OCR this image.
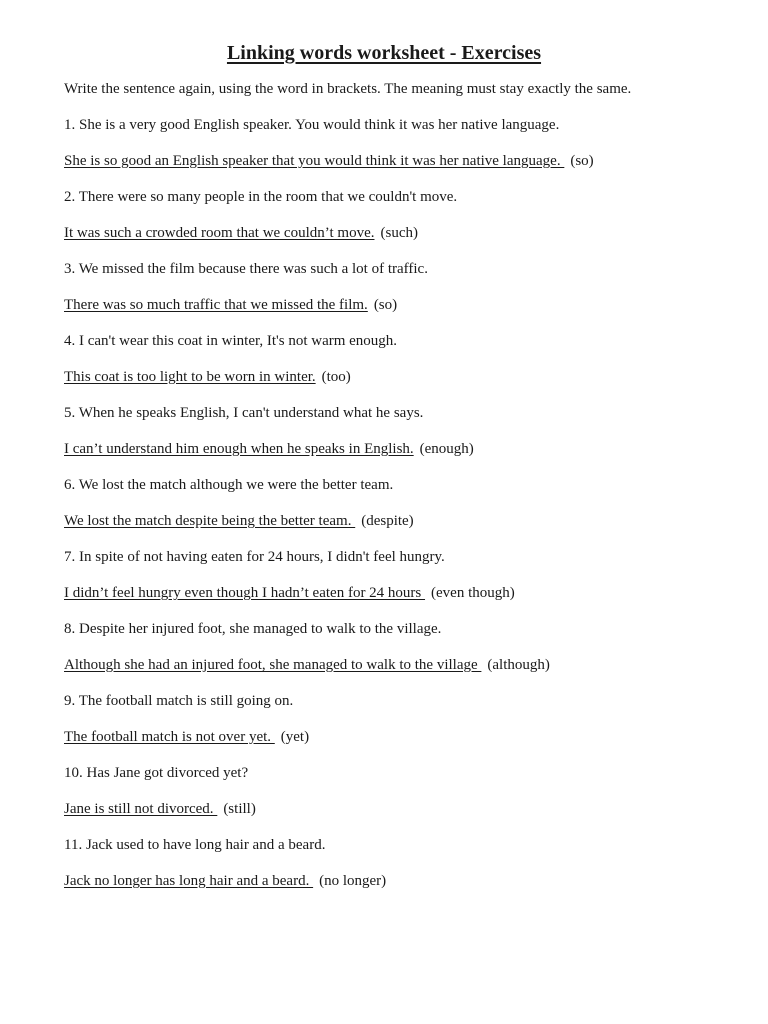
Linking words worksheet - Exercises
Write the sentence again, using the word in brackets. The meaning must stay exactly the same.
1. She is a very good English speaker. You would think it was her native language.
She is so good an English speaker that you would think it was her native language. (so)
2. There were so many people in the room that we couldn't move.
It was such a crowded room that we couldn’t move. (such)
3. We missed the film because there was such a lot of traffic.
There was so much traffic that we missed the film. (so)
4. I can't wear this coat in winter, It's not warm enough.
This coat is too light to be worn in winter. (too)
5. When he speaks English, I can't understand what he says.
I can’t understand him enough when he speaks in English. (enough)
6. We lost the match although we were the better team.
We lost the match despite being the better team. (despite)
7. In spite of not having eaten for 24 hours, I didn't feel hungry.
I didn’t feel hungry even though I hadn’t eaten for 24 hours (even though)
8. Despite her injured foot, she managed to walk to the village.
Although she had an injured foot, she managed to walk to the village (although)
9. The football match is still going on.
The football match is not over yet. (yet)
10. Has Jane got divorced yet?
Jane is still not divorced. (still)
11. Jack used to have long hair and a beard.
Jack no longer has long hair and a beard. (no longer)
